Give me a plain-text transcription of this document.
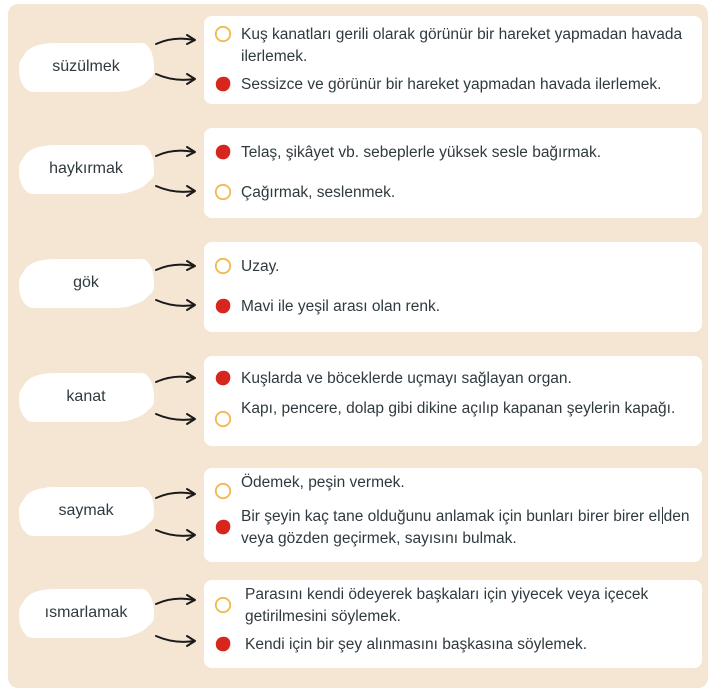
süzülmek
Kuş kanatları gerili olarak görünür bir hareket yapmadan havada ilerlemek.
Sessizce ve görünür bir hareket yapmadan havada ilerlemek.
haykırmak
Telaş, şikâyet vb. sebeplerle yüksek sesle bağırmak.
Çağırmak, seslenmek.
gök
Uzay.
Mavi ile yeşil arası olan renk.
kanat
Kuşlarda ve böceklerde uçmayı sağlayan organ.
Kapı, pencere, dolap gibi dikine açılıp kapanan şeylerin kapağı.
saymak
Ödemek, peşin vermek.
Bir şeyin kaç tane olduğunu anlamak için bunları birer birer el den veya gözden geçirmek, sayısını bulmak.
ısmarlamak
Parasını kendi ödeyerek başkaları için yiyecek veya içecek getirilmesini söylemek.
Kendi için bir şey alınmasını başkasına söylemek.
